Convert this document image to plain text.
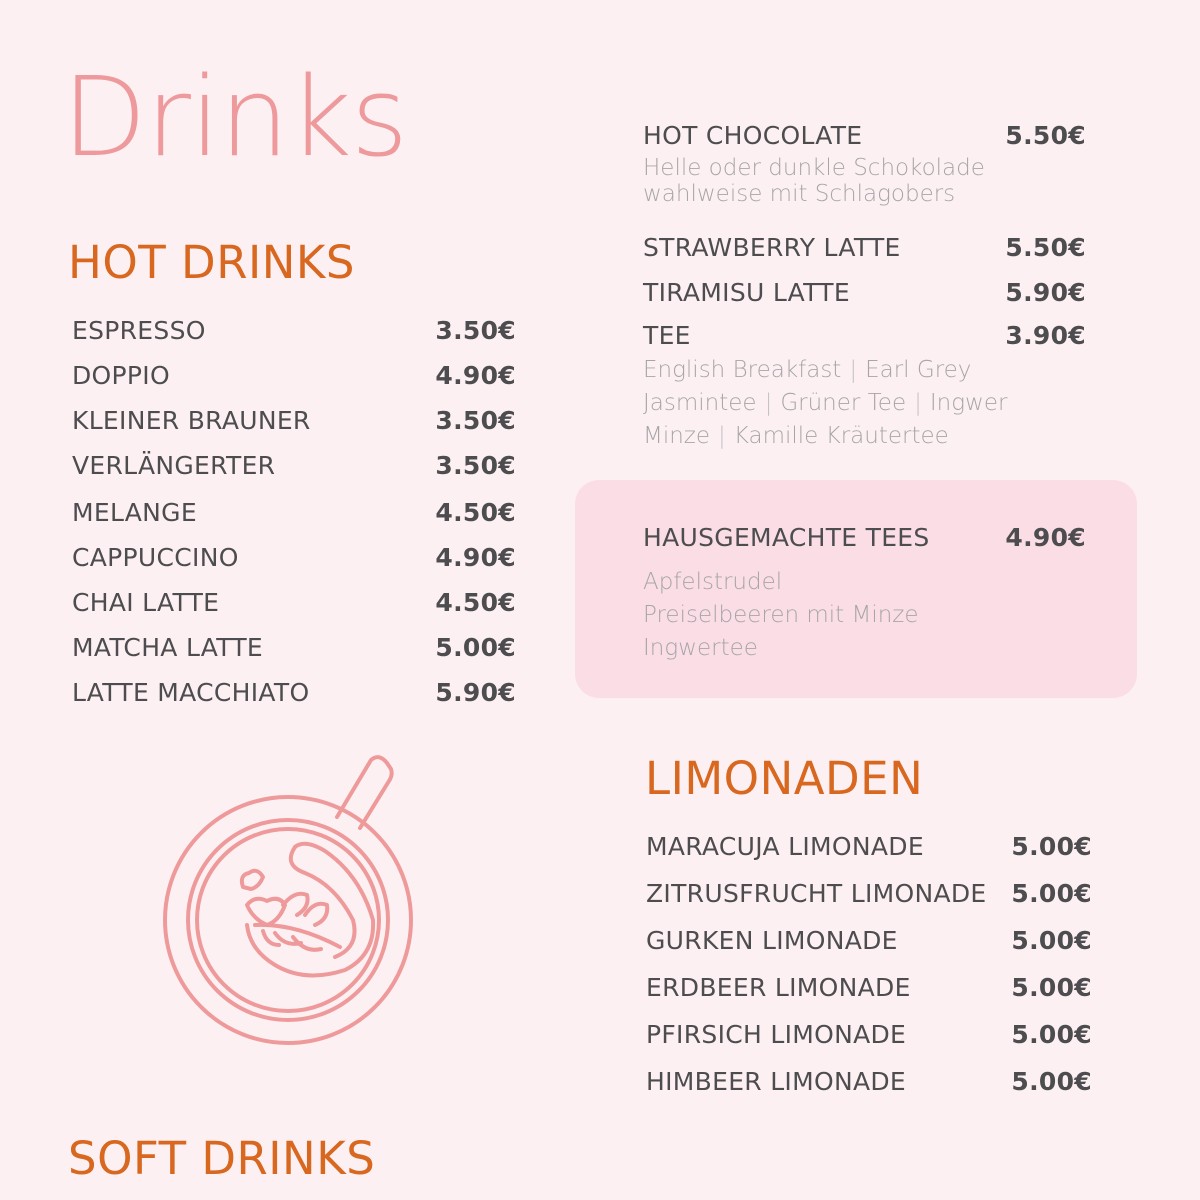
Drinks
HOT DRINKS
ESPRESSO	3.50€
DOPPIO	4.90€
KLEINER BRAUNER	3.50€
VERLÄNGERTER	3.50€
MELANGE	4.50€
CAPPUCCINO	4.90€
CHAI LATTE	4.50€
MATCHA LATTE	5.00€
LATTE MACCHIATO	5.90€
HOT CHOCOLATE	5.50€
Helle oder dunkle Schokolade
wahlweise mit Schlagobers
STRAWBERRY LATTE	5.50€
TIRAMISU LATTE	5.90€
TEE	3.90€
English Breakfast | Earl Grey
Jasmintee | Grüner Tee | Ingwer
Minze | Kamille Kräutertee
HAUSGEMACHTE TEES	4.90€
Apfelstrudel
Preiselbeeren mit Minze
Ingwertee
LIMONADEN
MARACUJA LIMONADE	5.00€
ZITRUSFRUCHT LIMONADE 5.00€
GURKEN LIMONADE	5.00€
ERDBEER LIMONADE	5.00€
PFIRSICH LIMONADE	5.00€
HIMBEER LIMONADE	5.00€
SOFT DRINKS
